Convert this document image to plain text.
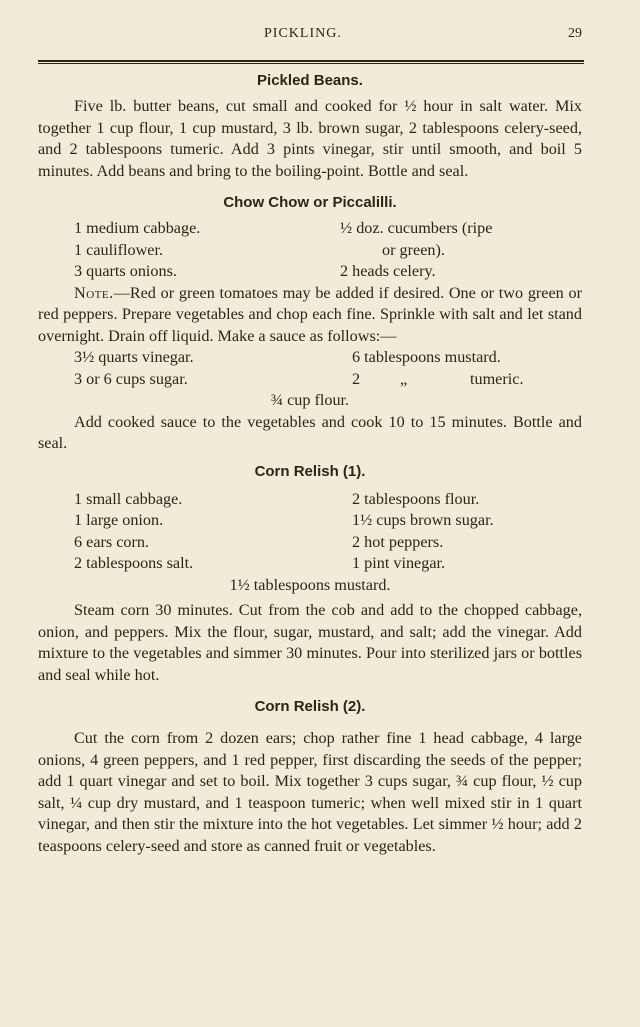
PICKLING.	29
Pickled Beans.

Five lb. butter beans, cut small and cooked for ½ hour in salt water. Mix together 1 cup flour, 1 cup mustard, 3 lb. brown sugar, 2 tablespoons celery-seed, and 2 tablespoons tumeric. Add 3 pints vinegar, stir until smooth, and boil 5 minutes. Add beans and bring to the boiling-point. Bottle and seal.

Chow Chow or Piccalilli.
1 medium cabbage.	½ doz. cucumbers (ripe
1 cauliflower.	or green).
3 quarts onions.	2 heads celery.

Note.—Red or green tomatoes may be added if desired. One or two green or red peppers. Prepare vegetables and chop each fine. Sprinkle with salt and let stand overnight. Drain off liquid. Make a sauce as follows:—

3½ quarts vinegar.	6 tablespoons mustard.
3 or 6 cups sugar.	2 „	tumeric.
¾ cup flour.

Add cooked sauce to the vegetables and cook 10 to 15 minutes. Bottle and seal.

Corn Relish (1).
1 small cabbage.	2 tablespoons flour.
1 large onion.	1½ cups brown sugar.
6 ears corn.	2 hot peppers.
2 tablespoons salt.	1 pint vinegar.
1½ tablespoons mustard.

Steam corn 30 minutes. Cut from the cob and add to the chopped cabbage, onion, and peppers. Mix the flour, sugar, mustard, and salt; add the vinegar. Add mixture to the vegetables and simmer 30 minutes. Pour into sterilized jars or bottles and seal while hot.

Corn Relish (2).

Cut the corn from 2 dozen ears; chop rather fine 1 head cabbage, 4 large onions, 4 green peppers, and 1 red pepper, first discarding the seeds of the pepper; add 1 quart vinegar and set to boil. Mix together 3 cups sugar, ¾ cup flour, ½ cup salt, ¼ cup dry mustard, and 1 teaspoon tumeric; when well mixed stir in 1 quart vinegar, and then stir the mixture into the hot vegetables. Let simmer ½ hour; add 2 teaspoons celery-seed and store as canned fruit or vegetables.
